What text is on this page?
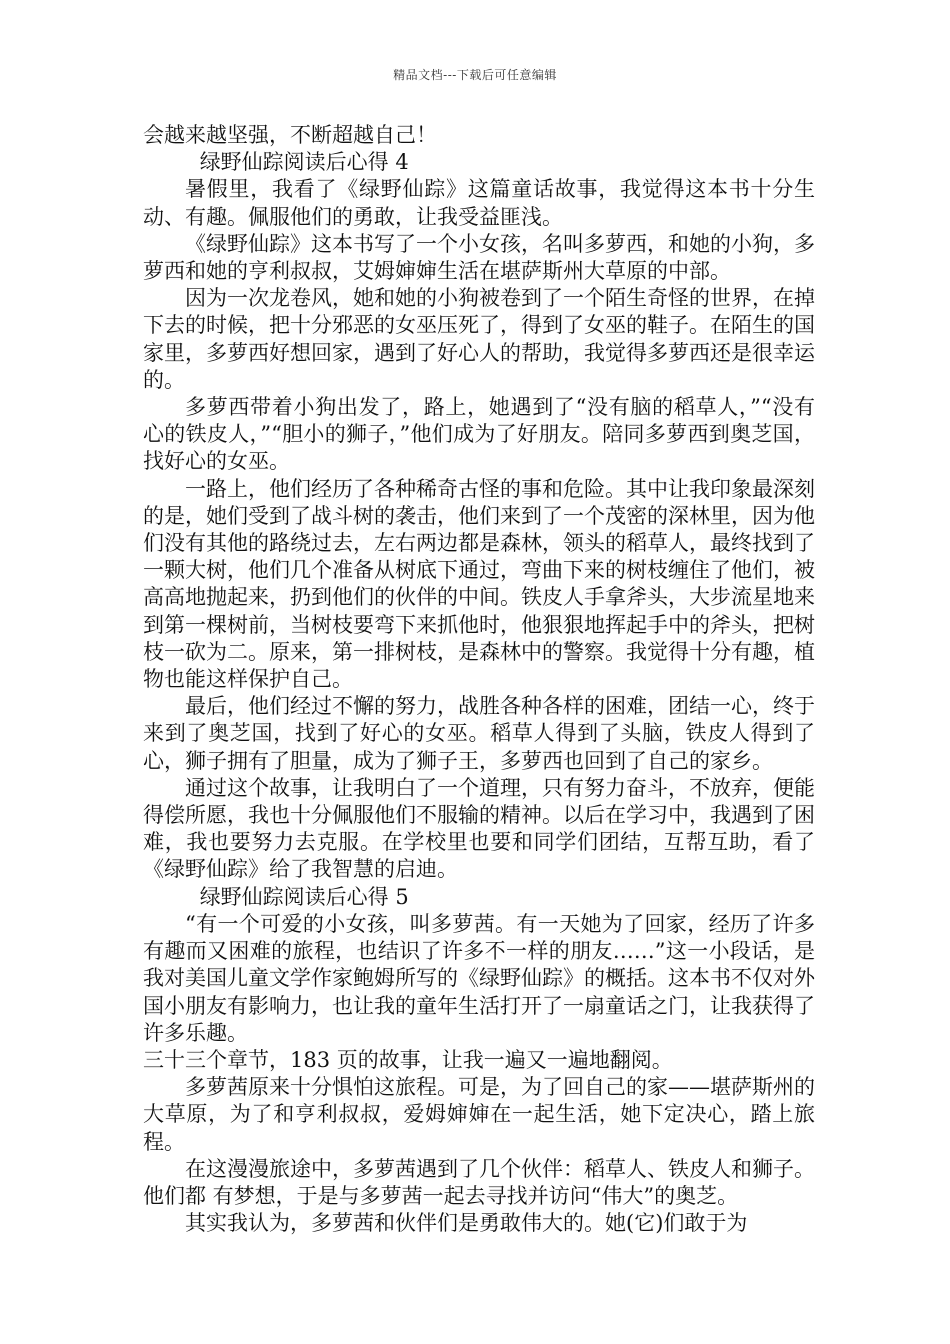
精品文档---下载后可任意编辑

会越来越坚强，不断超越自己！

绿野仙踪阅读后心得 4

暑假里，我看了《绿野仙踪》这篇童话故事，我觉得这本书十分生动、有趣。佩服他们的勇敢，让我受益匪浅。

《绿野仙踪》这本书写了一个小女孩，名叫多萝西，和她的小狗，多萝西和她的亨利叔叔，艾姆婶婶生活在堪萨斯州大草原的中部。

因为一次龙卷风，她和她的小狗被卷到了一个陌生奇怪的世界，在掉下去的时候，把十分邪恶的女巫压死了，得到了女巫的鞋子。在陌生的国家里，多萝西好想回家，遇到了好心人的帮助，我觉得多萝西还是很幸运的。

多萝西带着小狗出发了，路上，她遇到了“没有脑的稻草人，”“没有心的铁皮人，”“胆小的狮子，”他们成为了好朋友。陪同多萝西到奥芝国，找好心的女巫。

一路上，他们经历了各种稀奇古怪的事和危险。其中让我印象最深刻的是，她们受到了战斗树的袭击，他们来到了一个茂密的深林里，因为他们没有其他的路绕过去，左右两边都是森林，领头的稻草人，最终找到了一颗大树，他们几个准备从树底下通过，弯曲下来的树枝缠住了他们，被高高地抛起来，扔到他们的伙伴的中间。铁皮人手拿斧头，大步流星地来到第一棵树前，当树枝要弯下来抓他时，他狠狠地挥起手中的斧头，把树枝一砍为二。原来，第一排树枝，是森林中的警察。我觉得十分有趣，植物也能这样保护自己。

最后，他们经过不懈的努力，战胜各种各样的困难，团结一心，终于来到了奥芝国，找到了好心的女巫。稻草人得到了头脑，铁皮人得到了心，狮子拥有了胆量，成为了狮子王，多萝西也回到了自己的家乡。

通过这个故事，让我明白了一个道理，只有努力奋斗，不放弃，便能得偿所愿，我也十分佩服他们不服输的精神。以后在学习中，我遇到了困难，我也要努力去克服。在学校里也要和同学们团结，互帮互助，看了《绿野仙踪》给了我智慧的启迪。

绿野仙踪阅读后心得 5

“有一个可爱的小女孩，叫多萝茜。有一天她为了回家，经历了许多有趣而又困难的旅程，也结识了许多不一样的朋友……”这一小段话，是我对美国儿童文学作家鲍姆所写的《绿野仙踪》的概括。这本书不仅对外国小朋友有影响力，也让我的童年生活打开了一扇童话之门，让我获得了许多乐趣。

三十三个章节，183 页的故事，让我一遍又一遍地翻阅。

多萝茜原来十分惧怕这旅程。可是，为了回自己的家——堪萨斯州的大草原，为了和亨利叔叔，爱姆婶婶在一起生活，她下定决心，踏上旅程。

在这漫漫旅途中，多萝茜遇到了几个伙伴：稻草人、铁皮人和狮子。他们都 有梦想，于是与多萝茜一起去寻找并访问“伟大”的奥芝。

其实我认为，多萝茜和伙伴们是勇敢伟大的。她(它)们敢于为
